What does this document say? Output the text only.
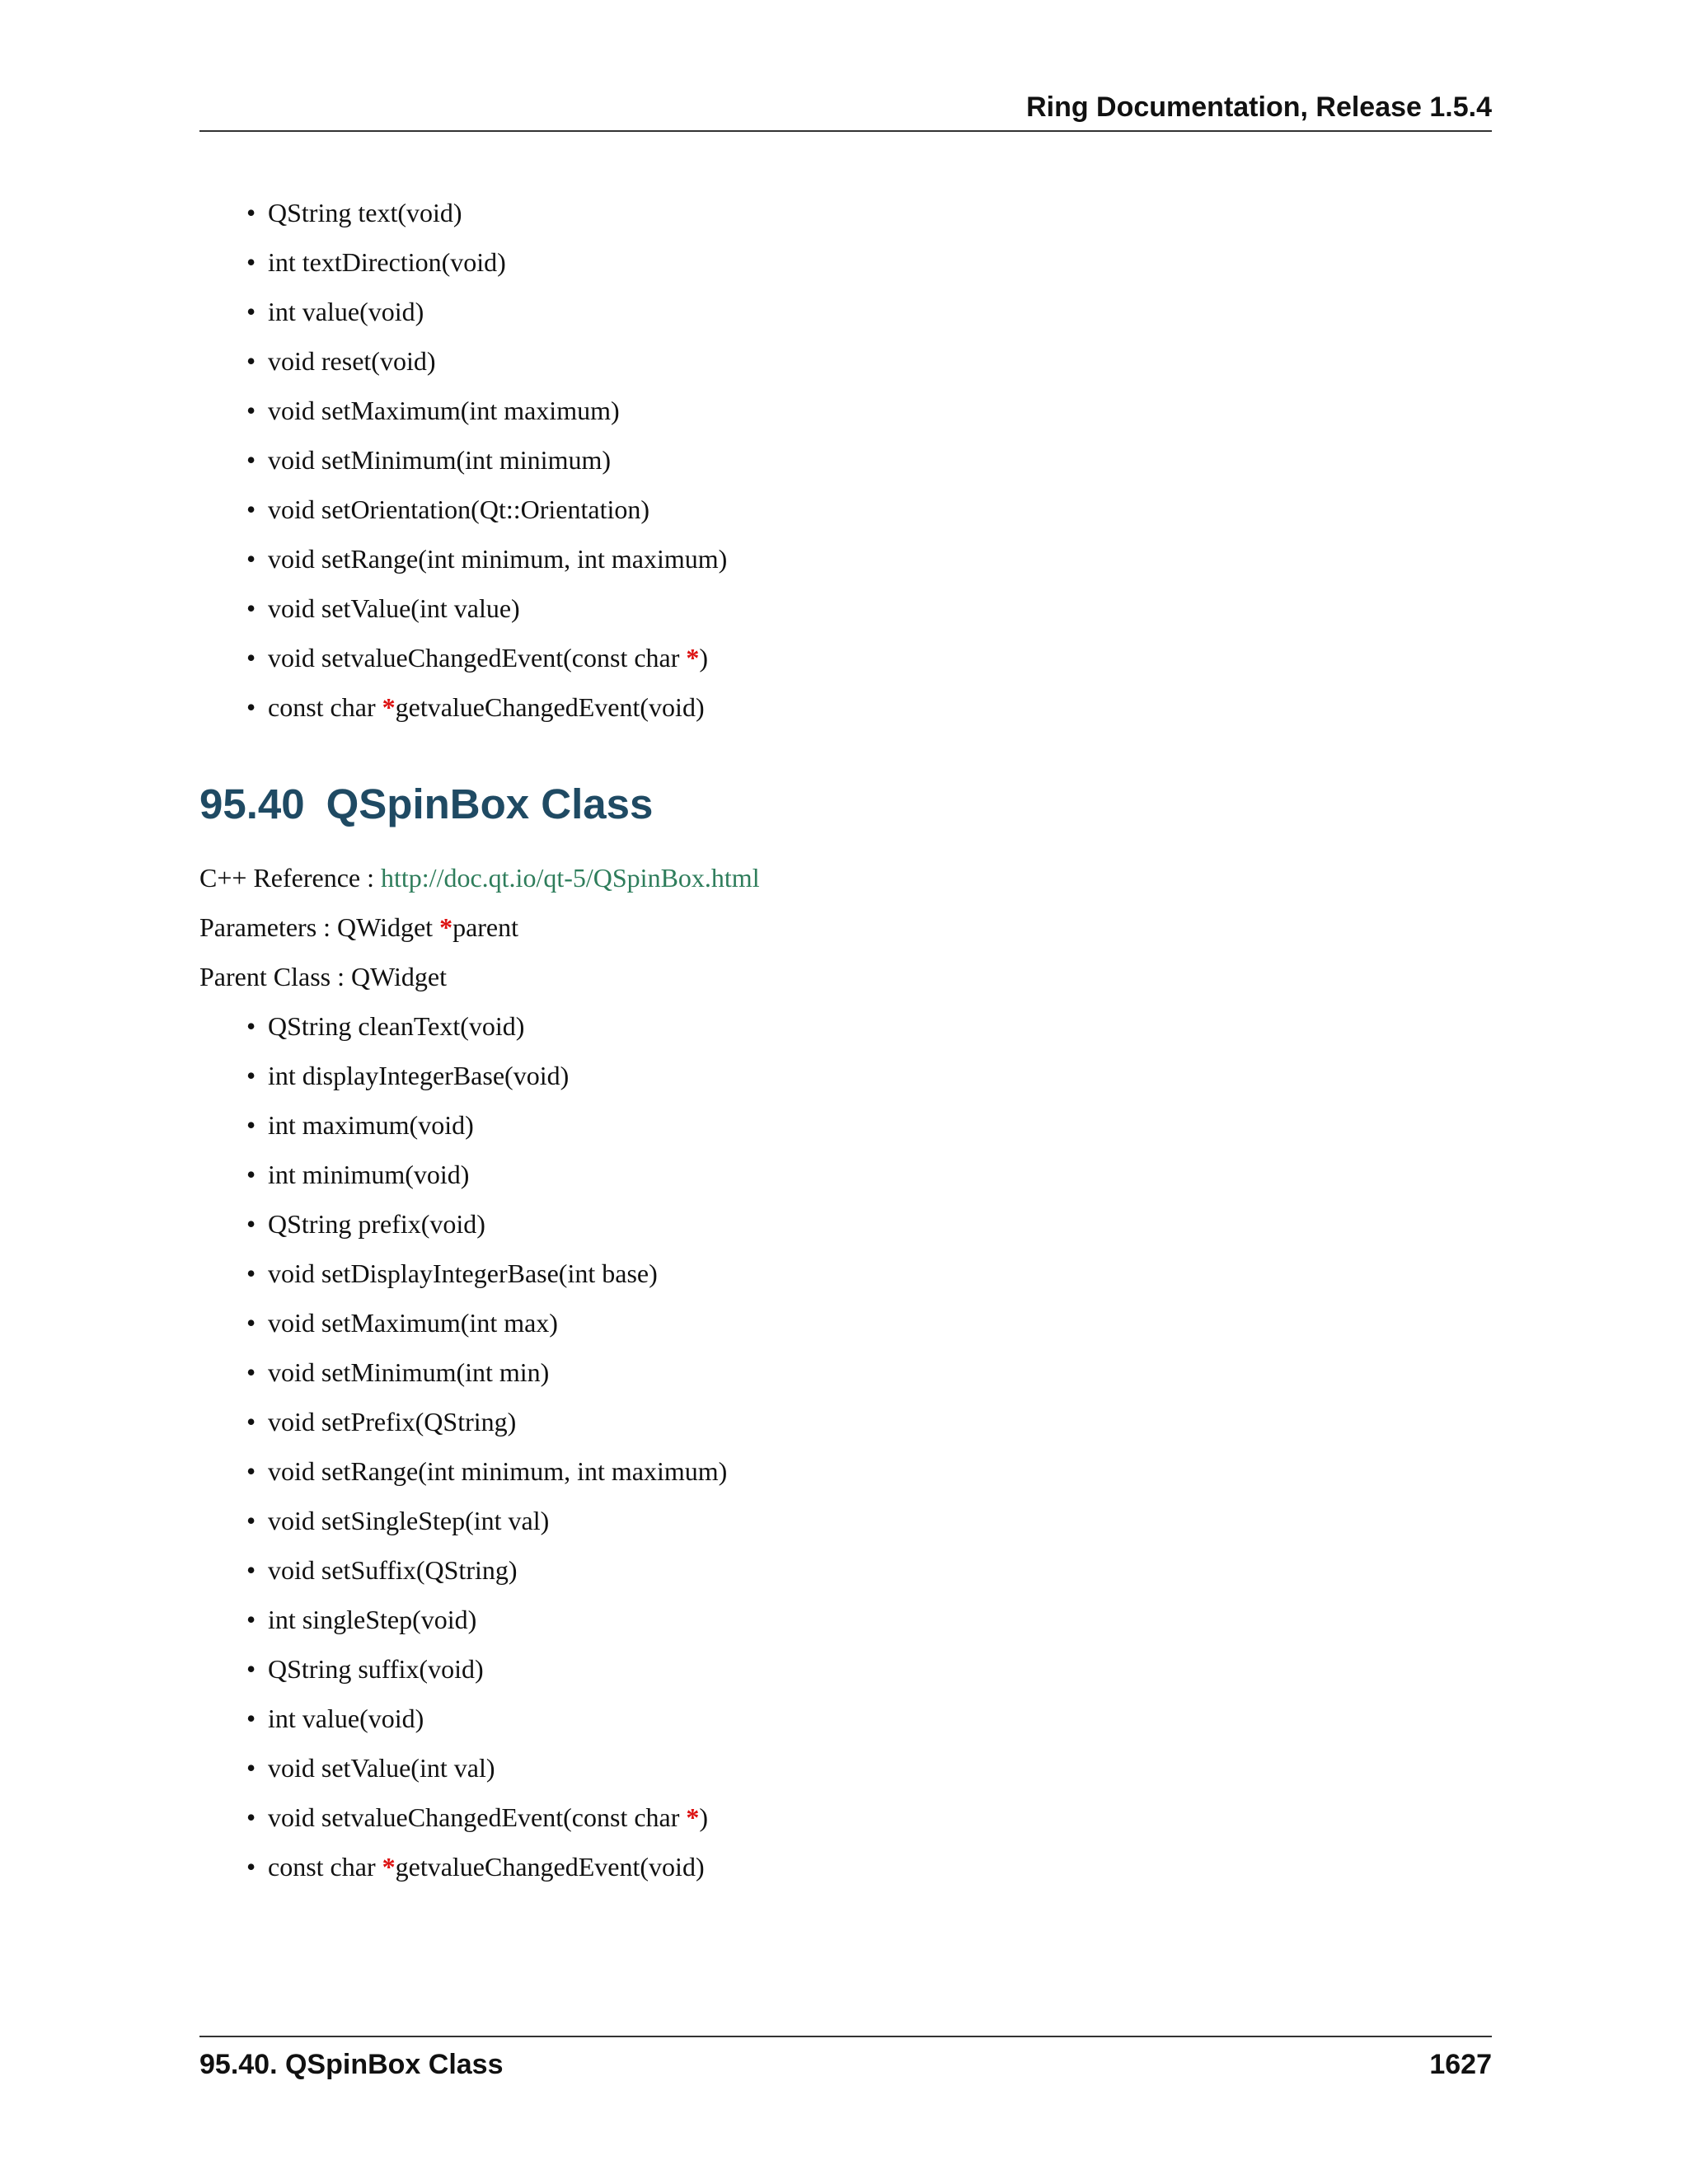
Ring Documentation, Release 1.5.4
• QString text(void)
• int textDirection(void)
• int value(void)
• void reset(void)
• void setMaximum(int maximum)
• void setMinimum(int minimum)
• void setOrientation(Qt::Orientation)
• void setRange(int minimum, int maximum)
• void setValue(int value)
• void setvalueChangedEvent(const char *)
• const char *getvalueChangedEvent(void)
95.40 QSpinBox Class
C++ Reference : http://doc.qt.io/qt-5/QSpinBox.html
Parameters : QWidget *parent
Parent Class : QWidget
• QString cleanText(void)
• int displayIntegerBase(void)
• int maximum(void)
• int minimum(void)
• QString prefix(void)
• void setDisplayIntegerBase(int base)
• void setMaximum(int max)
• void setMinimum(int min)
• void setPrefix(QString)
• void setRange(int minimum, int maximum)
• void setSingleStep(int val)
• void setSuffix(QString)
• int singleStep(void)
• QString suffix(void)
• int value(void)
• void setValue(int val)
• void setvalueChangedEvent(const char *)
• const char *getvalueChangedEvent(void)
95.40. QSpinBox Class	1627
